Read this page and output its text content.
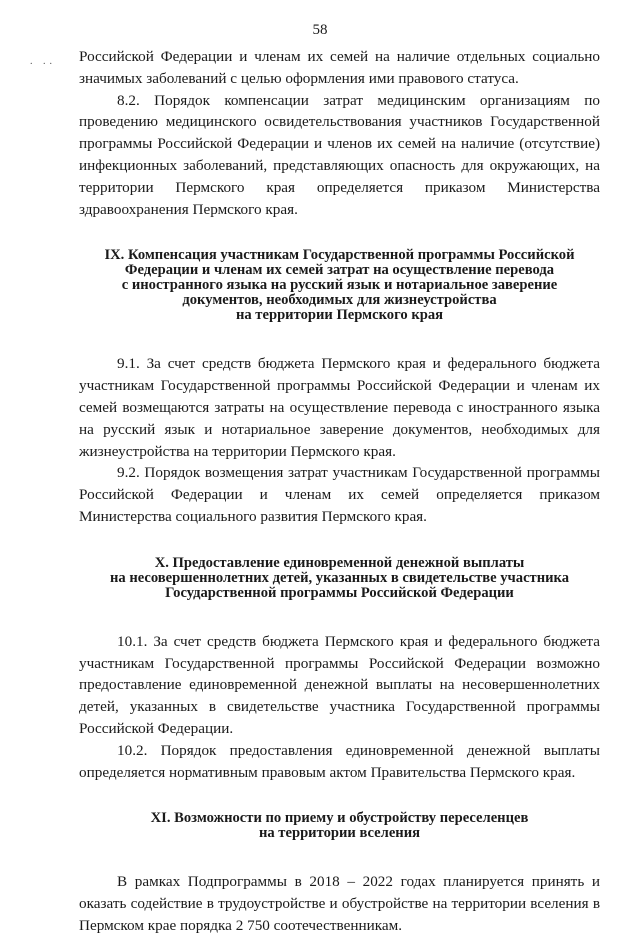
58
. .. Российской Федерации и членам их семей на наличие отдельных социально значимых заболеваний с целью оформления ими правового статуса.

8.2. Порядок компенсации затрат медицинским организациям по проведению медицинского освидетельствования участников Государственной программы Российской Федерации и членов их семей на наличие (отсутствие) инфекционных заболеваний, представляющих опасность для окружающих, на территории Пермского края определяется приказом Министерства здравоохранения Пермского края.

IX. Компенсация участникам Государственной программы Российской
Федерации и членам их семей затрат на осуществление перевода
с иностранного языка на русский язык и нотариальное заверение
документов, необходимых для жизнеустройства
на территории Пермского края

9.1. За счет средств бюджета Пермского края и федерального бюджета участникам Государственной программы Российской Федерации и членам их семей возмещаются затраты на осуществление перевода с иностранного языка на русский язык и нотариальное заверение документов, необходимых для жизнеустройства на территории Пермского края.

9.2. Порядок возмещения затрат участникам Государственной программы Российской Федерации и членам их семей определяется приказом Министерства социального развития Пермского края.

X. Предоставление единовременной денежной выплаты
на несовершеннолетних детей, указанных в свидетельстве участника
Государственной программы Российской Федерации

10.1. За счет средств бюджета Пермского края и федерального бюджета участникам Государственной программы Российской Федерации возможно предоставление единовременной денежной выплаты на несовершеннолетних детей, указанных в свидетельстве участника Государственной программы Российской Федерации.

10.2. Порядок предоставления единовременной денежной выплаты определяется нормативным правовым актом Правительства Пермского края.

XI. Возможности по приему и обустройству переселенцев
на территории вселения

В рамках Подпрограммы в 2018 – 2022 годах планируется принять и оказать содействие в трудоустройстве и обустройстве на территории вселения в Пермском крае порядка 2 750 соотечественникам.
